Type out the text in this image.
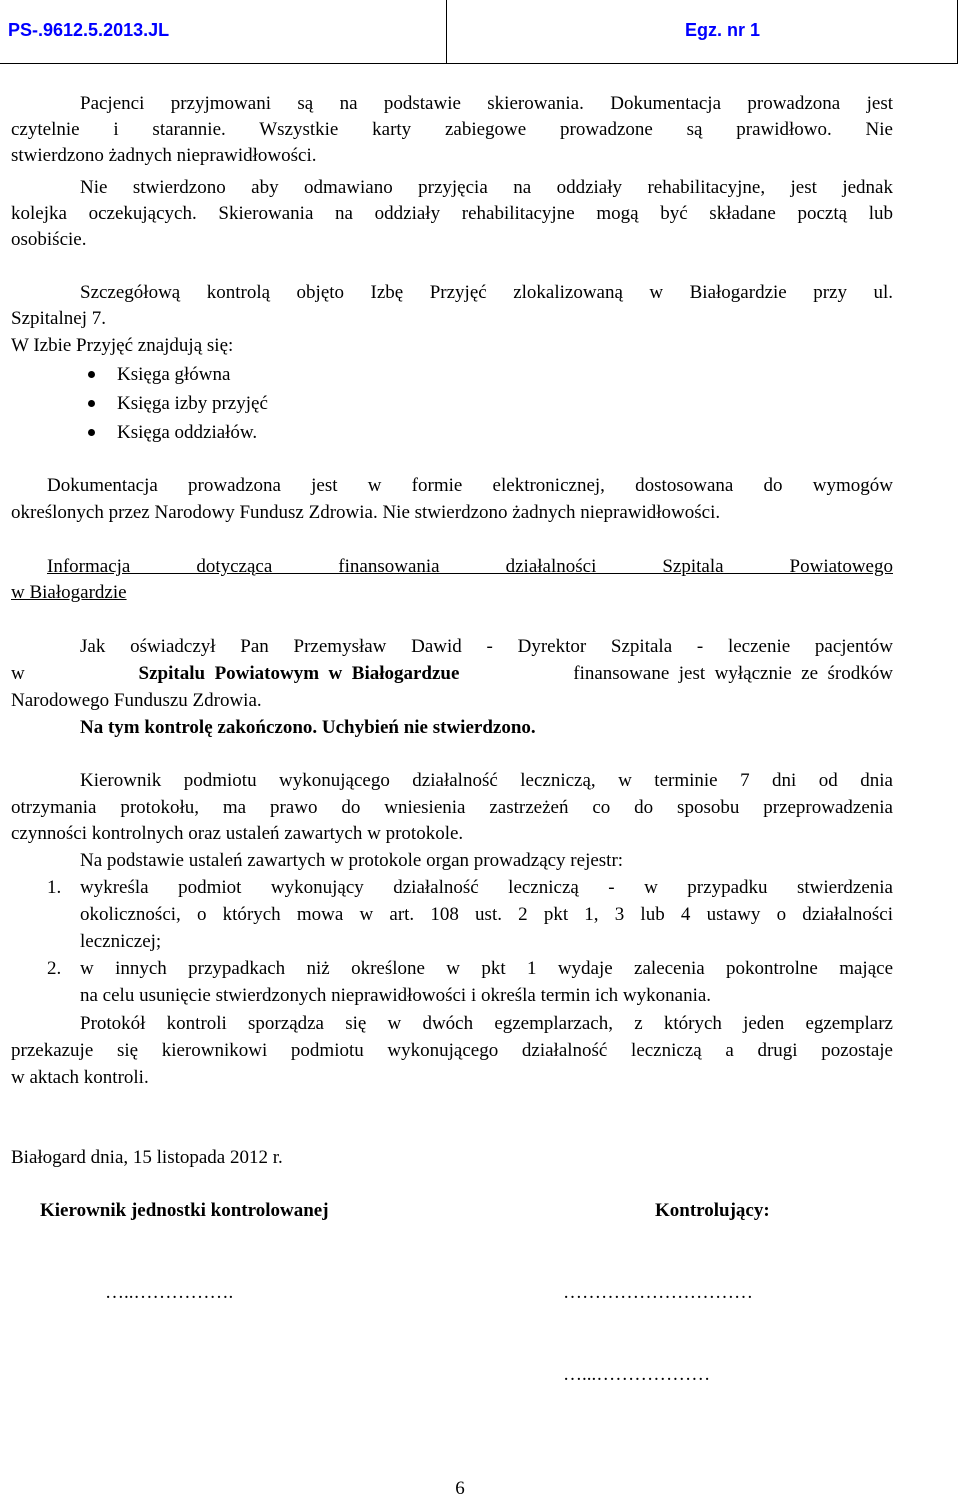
PS-.9612.5.2013.JL	Egz. nr 1
Pacjenci przyjmowani są na podstawie skierowania. Dokumentacja prowadzona jest
czytelnie i starannie. Wszystkie karty zabiegowe prowadzone są prawidłowo. Nie
stwierdzono żadnych nieprawidłowości.
Nie stwierdzono aby odmawiano przyjęcia na oddziały rehabilitacyjne, jest jednak
kolejka oczekujących. Skierowania na oddziały rehabilitacyjne mogą być składane pocztą lub
osobiście.
Szczegółową kontrolą objęto Izbę Przyjęć zlokalizowaną w Białogardzie przy ul.
Szpitalnej 7.
W Izbie Przyjęć znajdują się:
Księga główna
Księga izby przyjęć
Księga oddziałów.
Dokumentacja prowadzona jest w formie elektronicznej, dostosowana do wymogów
określonych przez Narodowy Fundusz Zdrowia. Nie stwierdzono żadnych nieprawidłowości.
Informacja dotycząca finansowania działalności Szpitala Powiatowego
w Białogardzie
Jak oświadczył Pan Przemysław Dawid - Dyrektor Szpitala - leczenie pacjentów
w	Szpitalu  Powiatowym  w  Białogardzue	finansowane  jest  wyłącznie  ze  środków
Narodowego Funduszu Zdrowia.
Na tym kontrolę zakończono. Uchybień nie stwierdzono.
Kierownik podmiotu wykonującego działalność leczniczą, w terminie 7 dni od dnia
otrzymania protokołu, ma prawo do wniesienia zastrzeżeń co do sposobu przeprowadzenia
czynności kontrolnych oraz ustaleń zawartych w protokole.
Na podstawie ustaleń zawartych w protokole organ prowadzący rejestr:
1. wykreśla podmiot wykonujący działalność leczniczą - w przypadku stwierdzenia
okoliczności, o których mowa w art. 108 ust. 2 pkt 1, 3 lub 4 ustawy o działalności
leczniczej;
2. w innych przypadkach niż określone w pkt 1 wydaje zalecenia pokontrolne mające
na celu usunięcie stwierdzonych nieprawidłowości i określa termin ich wykonania.
Protokół kontroli sporządza się w dwóch egzemplarzach, z których jeden egzemplarz
przekazuje się kierownikowi podmiotu wykonującego działalność leczniczą a drugi pozostaje
w aktach kontroli.
Białogard dnia, 15 listopada 2012 r.
Kierownik jednostki kontrolowanej	Kontrolujący:
…..…………….	…………………………
…...………………
6
